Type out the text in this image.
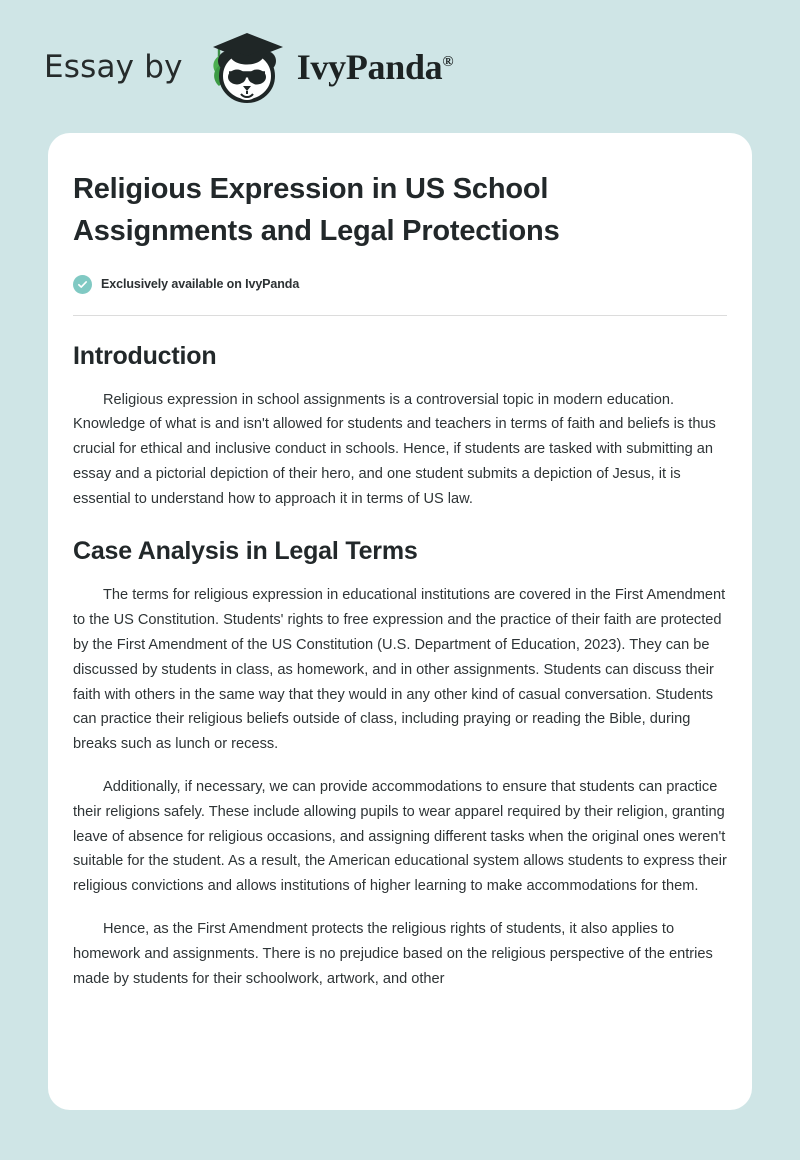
Essay by	IvyPanda®
Religious Expression in US School Assignments and Legal Protections
Exclusively available on IvyPanda
Introduction

Religious expression in school assignments is a controversial topic in modern education. Knowledge of what is and isn't allowed for students and teachers in terms of faith and beliefs is thus crucial for ethical and inclusive conduct in schools. Hence, if students are tasked with submitting an essay and a pictorial depiction of their hero, and one student submits a depiction of Jesus, it is essential to understand how to approach it in terms of US law.

Case Analysis in Legal Terms

The terms for religious expression in educational institutions are covered in the First Amendment to the US Constitution. Students' rights to free expression and the practice of their faith are protected by the First Amendment of the US Constitution (U.S. Department of Education, 2023). They can be discussed by students in class, as homework, and in other assignments. Students can discuss their faith with others in the same way that they would in any other kind of casual conversation. Students can practice their religious beliefs outside of class, including praying or reading the Bible, during breaks such as lunch or recess.

Additionally, if necessary, we can provide accommodations to ensure that students can practice their religions safely. These include allowing pupils to wear apparel required by their religion, granting leave of absence for religious occasions, and assigning different tasks when the original ones weren't suitable for the student. As a result, the American educational system allows students to express their religious convictions and allows institutions of higher learning to make accommodations for them.

Hence, as the First Amendment protects the religious rights of students, it also applies to homework and assignments. There is no prejudice based on the religious perspective of the entries made by students for their schoolwork, artwork, and other
